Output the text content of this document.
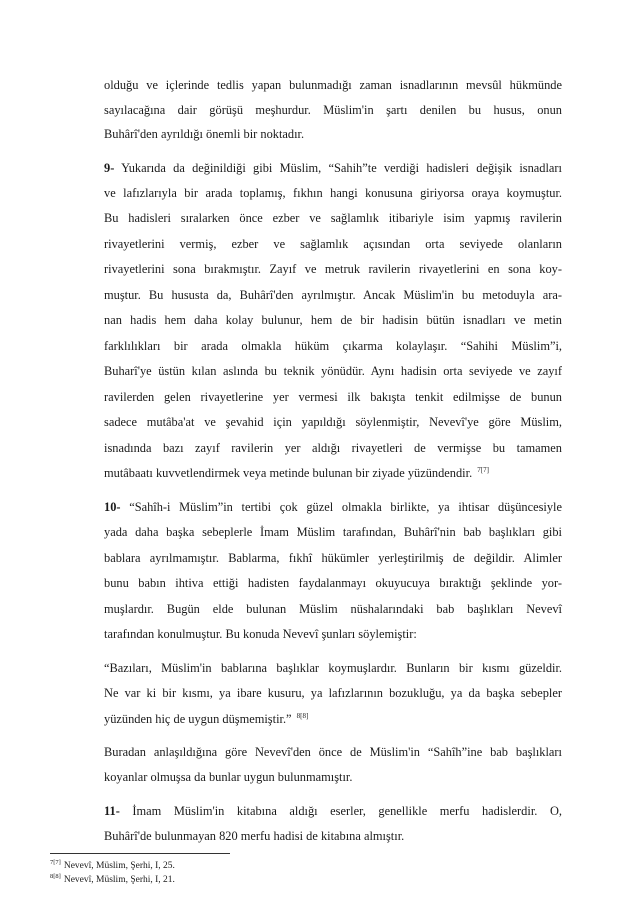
olduğu ve içlerinde tedlis yapan bulunmadığı zaman isnadlarının mevsûl hükmünde
sayılacağına dair görüşü meşhurdur. Müslim'in şartı denilen bu husus, onun
Buhârî'den ayrıldığı önemli bir noktadır.
9- Yukarıda da değinildiği gibi Müslim, “Sahih”te verdiği hadisleri değişik isnadları
ve lafızlarıyla bir arada toplamış, fıkhın hangi konusuna giriyorsa oraya koymuştur.
Bu hadisleri sıralarken önce ezber ve sağlamlık itibariyle isim yapmış ravilerin
rivayetlerini vermiş, ezber ve sağlamlık açısından orta seviyede olanların
rivayetlerini sona bırakmıştır. Zayıf ve metruk ravilerin rivayetlerini en sona koy-
muştur. Bu hususta da, Buhârî'den ayrılmıştır. Ancak Müslim'in bu metoduyla ara-
nan hadis hem daha kolay bulunur, hem de bir hadisin bütün isnadları ve metin
farklılıkları bir arada olmakla hüküm çıkarma kolaylaşır. “Sahihi Müslim”i,
Buharî'ye üstün kılan aslında bu teknik yönüdür. Aynı hadisin orta seviyede ve zayıf
ravilerden gelen rivayetlerine yer vermesi ilk bakışta tenkit edilmişse de bunun
sadece mutâba'at ve şevahid için yapıldığı söylenmiştir, Nevevî'ye göre Müslim,
isnadında bazı zayıf ravilerin yer aldığı rivayetleri de vermişse bu tamamen
mutâbaatı kuvvetlendirmek veya metinde bulunan bir ziyade yüzündendir. $^{7[7]}$
10- “Sahîh-i Müslim”in tertibi çok güzel olmakla birlikte, ya ihtisar düşüncesiyle
yada daha başka sebeplerle İmam Müslim tarafından, Buhârî'nin bab başlıkları gibi
bablara ayrılmamıştır. Bablarma, fıkhî hükümler yerleştirilmiş de değildir. Alimler
bunu babın ihtiva ettiği hadisten faydalanmayı okuyucuya bıraktığı şeklinde yor-
muşlardır. Bugün elde bulunan Müslim nüshalarındaki bab başlıkları Nevevî
tarafından konulmuştur. Bu konuda Nevevî şunları söylemiştir:
“Bazıları, Müslim'in bablarına başlıklar koymuşlardır. Bunların bir kısmı güzeldir.
Ne var ki bir kısmı, ya ibare kusuru, ya lafızlarının bozukluğu, ya da başka sebepler
yüzünden hiç de uygun düşmemiştir.” $^{8[8]}$
Buradan anlaşıldığına göre Nevevî'den önce de Müslim'in “Sahîh”ine bab başlıkları
koyanlar olmuşsa da bunlar uygun bulunmamıştır.
11- İmam Müslim'in kitabına aldığı eserler, genellikle merfu hadislerdir. O,
Buhârî'de bulunmayan 820 merfu hadisi de kitabına almıştır.
$^{7[7]}$ Nevevî, Müslim, Şerhi, I, 25.
$^{8[8]}$ Nevevî, Müslim, Şerhi, I, 21.
